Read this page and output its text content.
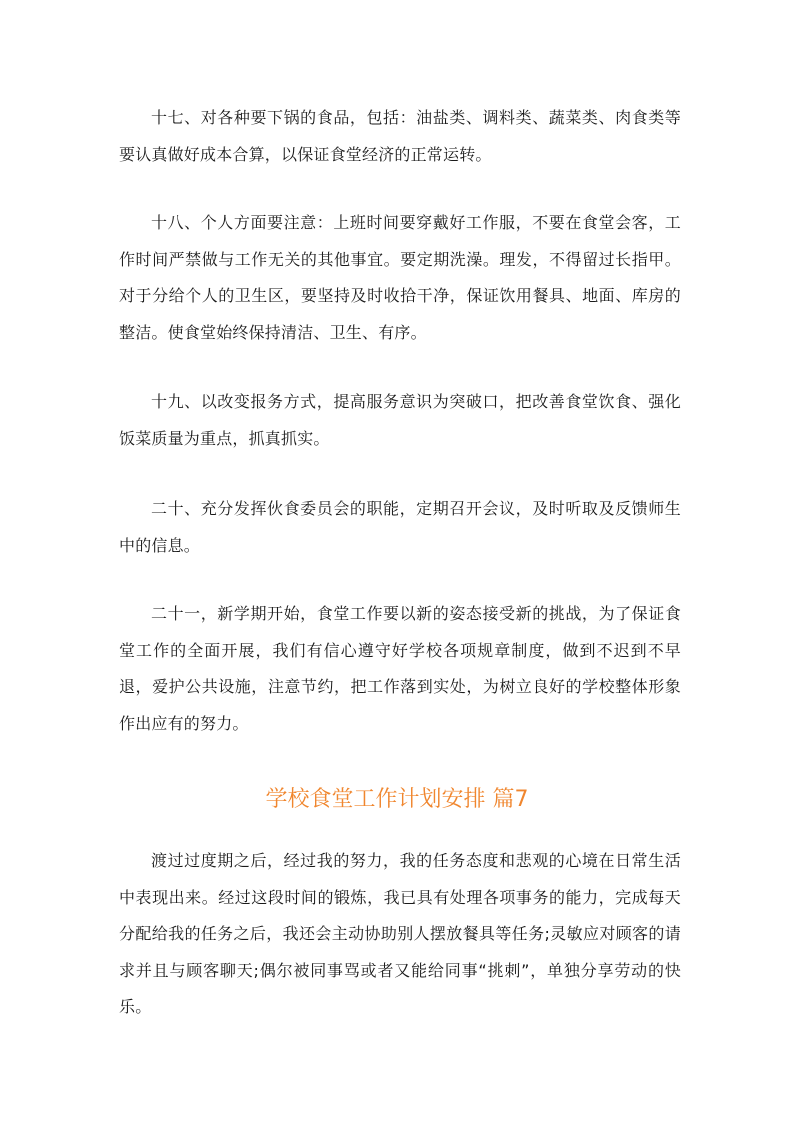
十七、对各种要下锅的食品，包括：油盐类、调料类、蔬菜类、肉食类等要认真做好成本合算，以保证食堂经济的正常运转。

十八、个人方面要注意：上班时间要穿戴好工作服，不要在食堂会客，工作时间严禁做与工作无关的其他事宜。要定期洗澡。理发，不得留过长指甲。对于分给个人的卫生区，要坚持及时收拾干净，保证饮用餐具、地面、库房的整洁。使食堂始终保持清洁、卫生、有序。

十九、以改变报务方式，提高服务意识为突破口，把改善食堂饮食、强化饭菜质量为重点，抓真抓实。

二十、充分发挥伙食委员会的职能，定期召开会议，及时听取及反馈师生中的信息。

二十一，新学期开始，食堂工作要以新的姿态接受新的挑战，为了保证食堂工作的全面开展，我们有信心遵守好学校各项规章制度，做到不迟到不早退，爱护公共设施，注意节约，把工作落到实处，为树立良好的学校整体形象作出应有的努力。

学校食堂工作计划安排 篇7

渡过过度期之后，经过我的努力，我的任务态度和悲观的心境在日常生活中表现出来。经过这段时间的锻炼，我已具有处理各项事务的能力，完成每天分配给我的任务之后，我还会主动协助别人摆放餐具等任务;灵敏应对顾客的请求并且与顾客聊天;偶尔被同事骂或者又能给同事“挑刺”，单独分享劳动的快乐。
